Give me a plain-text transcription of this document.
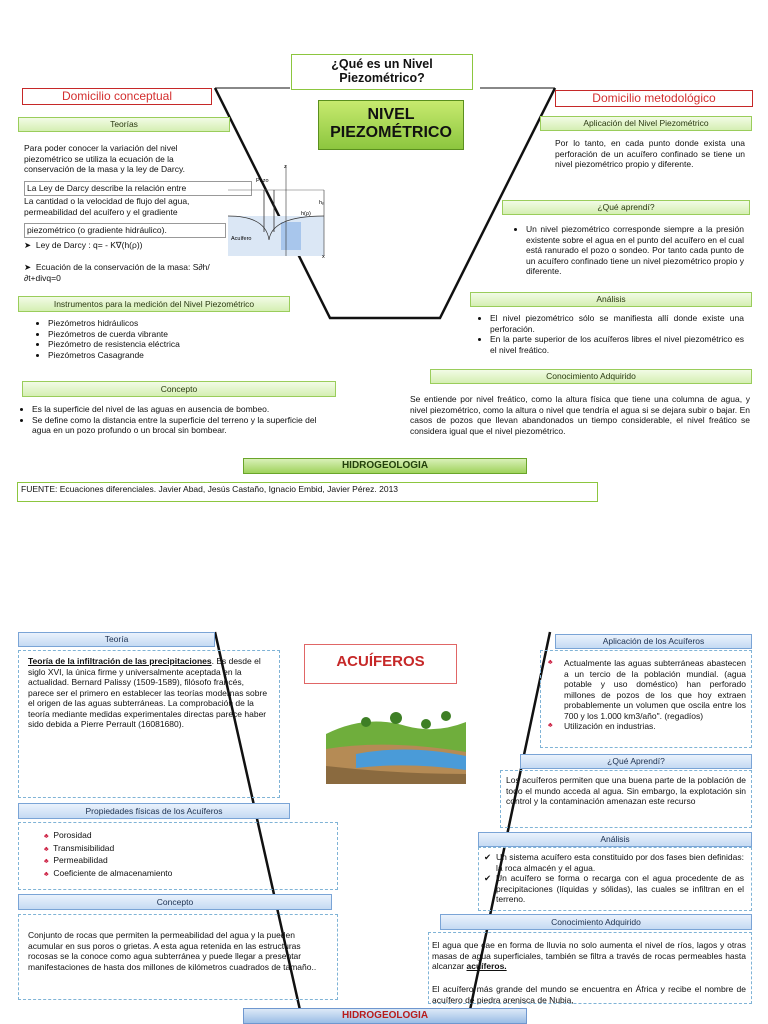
¿Qué es un Nivel Piezométrico?
Domicilio conceptual	Domicilio metodológico
NIVEL PIEZOMÉTRICO
Teorías
Para poder conocer la variación del nivel piezométrico se utiliza la ecuación de la conservación de la masa y la ley de Darcy.
La Ley de Darcy describe la relación entre
La cantidad o la velocidad de flujo del agua, permeabilidad del acuífero y el gradiente
piezométrico (o gradiente hidráulico).
➤  Ley de Darcy : q= - K∇(h(ρ))
➤  Ecuación de la conservación de la masa: S∂h/∂t+divq=0
Pozo
Acuífero
h(ρ)
z
hₚ
x
Instrumentos para la medición del Nivel Piezométrico
• Piezómetros hidráulicos
• Piezómetros de cuerda vibrante
• Piezómetro de resistencia eléctrica
• Piezómetros Casagrande
Concepto
• Es la superficie del nivel de las aguas en ausencia de bombeo.
• Se define como la distancia entre la superficie del terreno y la superficie del agua en un pozo profundo o un brocal sin bombear.
Aplicación del Nivel Piezométrico
Por lo tanto, en cada punto donde exista una perforación de un acuífero confinado se tiene un nivel piezométrico propio y diferente.
¿Qué aprendí?
• Un nivel piezométrico corresponde siempre a la presión existente sobre el agua en el punto del acuífero en el cual está ranurado el pozo o sondeo. Por tanto cada punto de un acuífero confinado tiene un nivel piezométrico propio y diferente.
Análisis
• El nivel piezométrico sólo se manifiesta allí donde existe una perforación.
• En la parte superior de los acuíferos libres el nivel piezométrico es el nivel freático.
Conocimiento Adquirido
Se entiende por nivel freático, como la altura física que tiene una columna de agua, y nivel piezométrico, como la altura o nivel que tendría el agua si se dejara subir o bajar. En casos de pozos que llevan abandonados un tiempo considerable, el nivel freático se considera igual que el nivel piezométrico.
HIDROGEOLOGIA
FUENTE: Ecuaciones diferenciales. Javier Abad, Jesús Castaño, Ignacio Embid, Javier Pérez. 2013
ACUÍFEROS
Teoría
Teoría de la infiltración de las precipitaciones. Es desde el siglo XVI, la única firme y universalmente aceptada en la actualidad. Bernard Palissy (1509-1589), filósofo francés, parece ser el primero en establecer las teorías modernas sobre el origen de las aguas subterráneas. La comprobación de la teoría mediante medidas experimentales directas parece haber sido debida a Pierre Perrault (16081680).
Propiedades físicas de los Acuíferos
♣ Porosidad
♣ Transmisibilidad
♣ Permeabilidad
♣ Coeficiente de almacenamiento
Concepto
Conjunto de rocas que permiten la permeabilidad del agua y la pueden acumular en sus poros o grietas. A esta agua retenida en las estructuras rocosas se la conoce como agua subterránea y puede llegar a presentar manifestaciones de hasta dos millones de kilómetros cuadrados de tamaño..
Aplicación de los Acuíferos
♣	Actualmente las aguas subterráneas abastecen a un tercio de la población mundial. (agua potable y uso doméstico) han perforado millones de pozos de los que hoy extraen probablemente un volumen que oscila entre los 700 y los 1.000 km3/año". (regadíos)
♣	Utilización en industrias.
¿Qué Aprendí?
Los acuíferos permiten que una buena parte de la población de todo el mundo acceda al agua. Sin embargo, la explotación sin control y la contaminación amenazan este recurso
Análisis
✔ Un sistema acuífero esta constituido por dos fases bien definidas: la roca almacén y el agua.
✔ Un acuífero se forma o recarga con el agua procedente de as precipitaciones (líquidas y sólidas), las cuales se infiltran en el terreno.
Conocimiento Adquirido
El agua que cae en forma de lluvia no solo aumenta el nivel de ríos, lagos y otras masas de agua superficiales, también se filtra a través de rocas permeables hasta alcanzar acuíferos.
El acuífero más grande del mundo se encuentra en África y recibe el nombre de acuífero de piedra arenisca de Nubia,
HIDROGEOLOGIA
